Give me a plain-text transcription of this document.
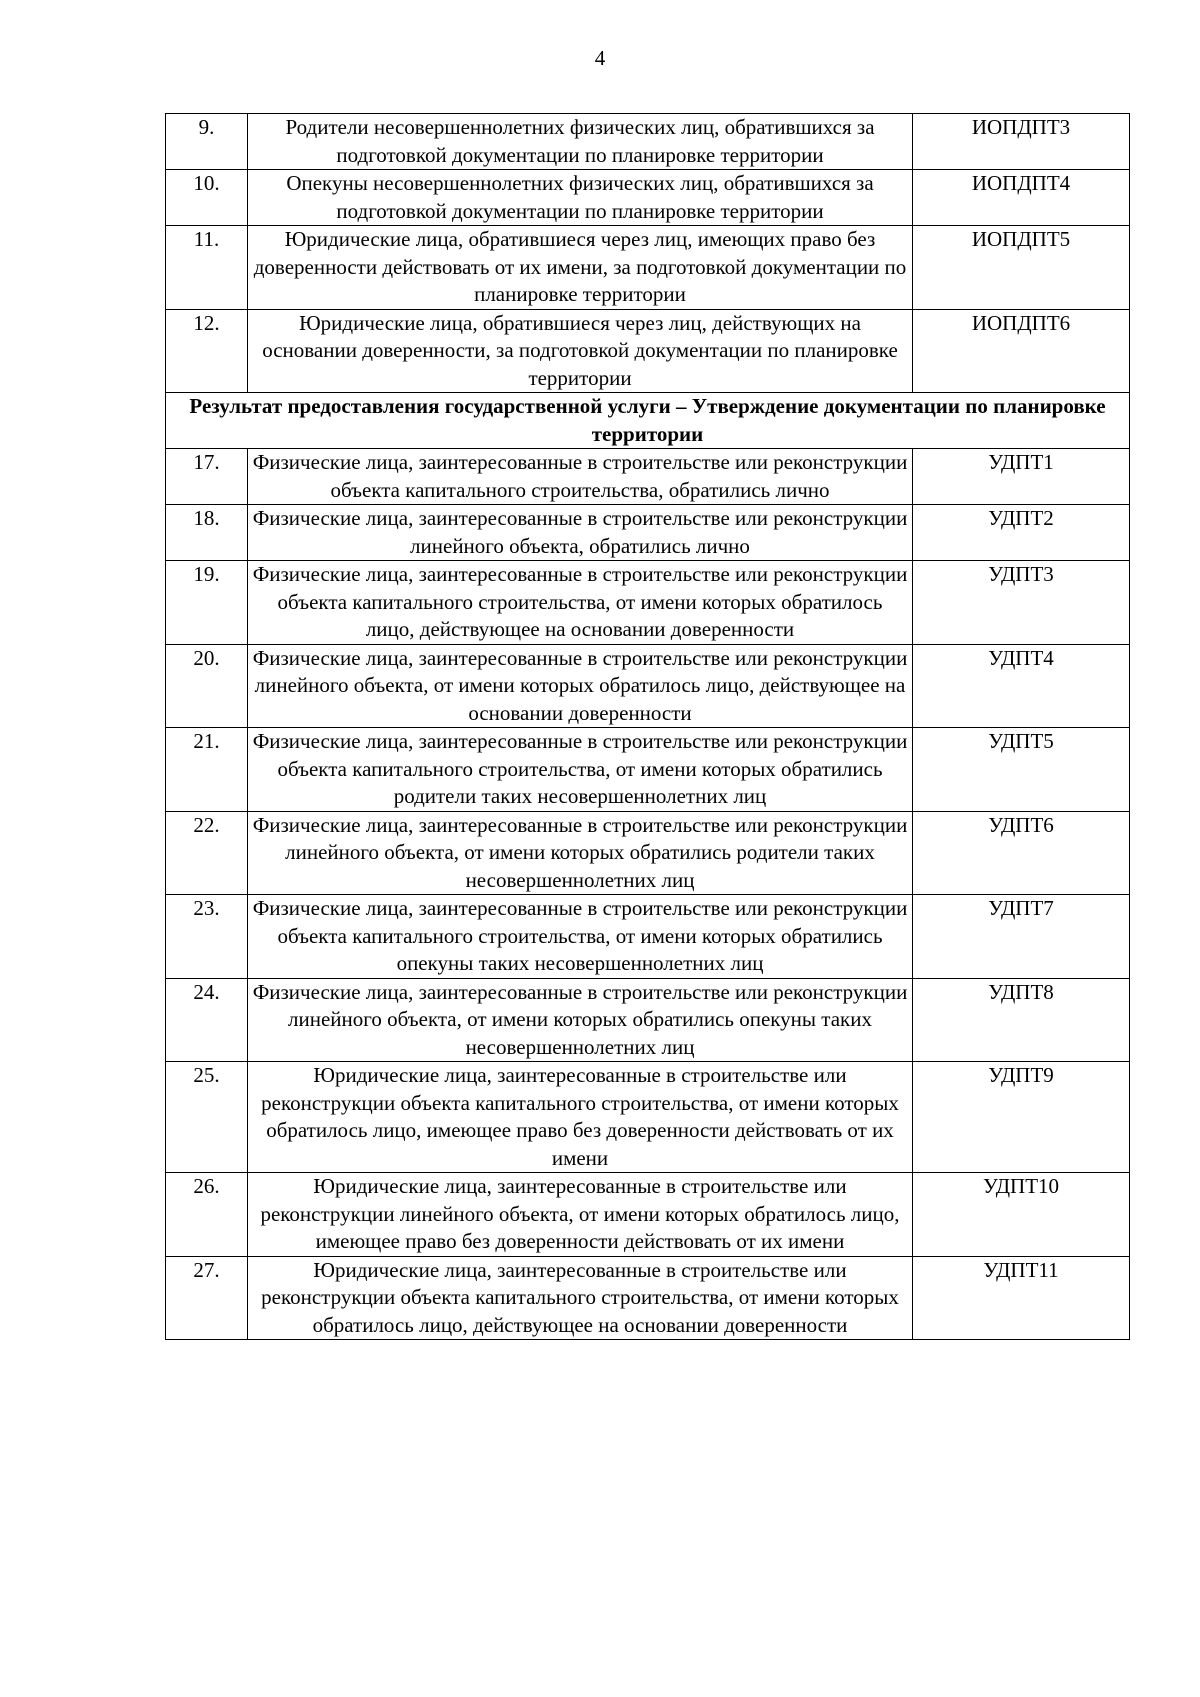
4
9.	Родители несовершеннолетних физических лиц, обратившихся за подготовкой документации по планировке территории	ИОПДПТ3
10.	Опекуны несовершеннолетних физических лиц, обратившихся за подготовкой документации по планировке территории	ИОПДПТ4
11.	Юридические лица, обратившиеся через лиц, имеющих право без доверенности действовать от их имени, за подготовкой документации по планировке территории	ИОПДПТ5
12.	Юридические лица, обратившиеся через лиц, действующих на основании доверенности, за подготовкой документации по планировке территории	ИОПДПТ6
Результат предоставления государственной услуги – Утверждение документации по планировке территории		
17.	Физические лица, заинтересованные в строительстве или реконструкции объекта капитального строительства, обратились лично	УДПТ1
18.	Физические лица, заинтересованные в строительстве или реконструкции линейного объекта, обратились лично	УДПТ2
19.	Физические лица, заинтересованные в строительстве или реконструкции объекта капитального строительства, от имени которых обратилось лицо, действующее на основании доверенности	УДПТ3
20.	Физические лица, заинтересованные в строительстве или реконструкции линейного объекта, от имени которых обратилось лицо, действующее на основании доверенности	УДПТ4
21.	Физические лица, заинтересованные в строительстве или реконструкции объекта капитального строительства, от имени которых обратились родители таких несовершеннолетних лиц	УДПТ5
22.	Физические лица, заинтересованные в строительстве или реконструкции линейного объекта, от имени которых обратились родители таких несовершеннолетних лиц	УДПТ6
23.	Физические лица, заинтересованные в строительстве или реконструкции объекта капитального строительства, от имени которых обратились опекуны таких несовершеннолетних лиц	УДПТ7
24.	Физические лица, заинтересованные в строительстве или реконструкции линейного объекта, от имени которых обратились опекуны таких несовершеннолетних лиц	УДПТ8
25.	Юридические лица, заинтересованные в строительстве или реконструкции объекта капитального строительства, от имени которых обратилось лицо, имеющее право без доверенности действовать от их имени	УДПТ9
26.	Юридические лица, заинтересованные в строительстве или реконструкции линейного объекта, от имени которых обратилось лицо, имеющее право без доверенности действовать от их имени	УДПТ10
27.	Юридические лица, заинтересованные в строительстве или реконструкции объекта капитального строительства, от имени которых обратилось лицо, действующее на основании доверенности	УДПТ11
